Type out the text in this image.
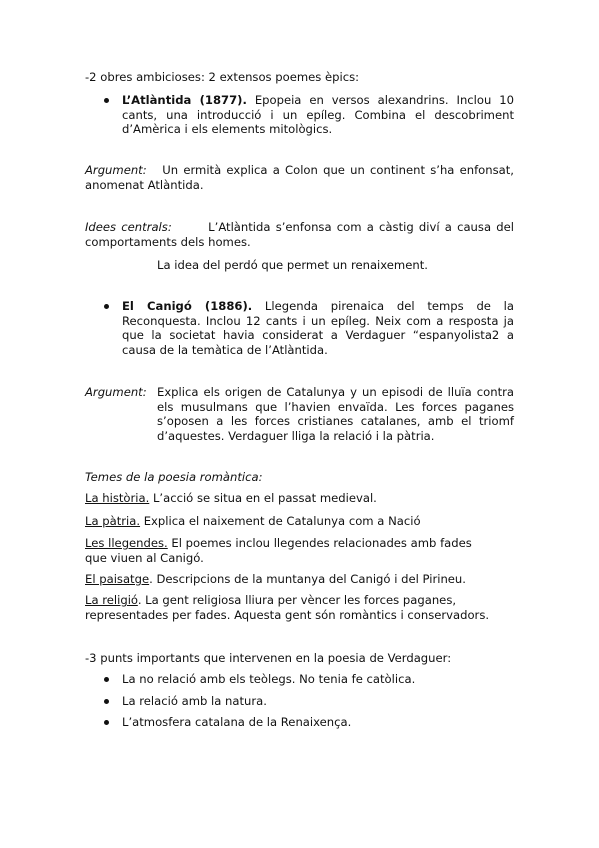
-2 obres ambicioses: 2 extensos poemes èpics:
L’Atlàntida (1877). Epopeia en versos alexandrins. Inclou 10 cants, una introducció i un epíleg. Combina el descobriment d’Amèrica i els elements mitològics.
Argument: Un ermità explica a Colon que un continent s’ha enfonsat, anomenat Atlàntida.
Idees centrals:	L’Atlàntida s’enfonsa com a càstig diví a causa del comportaments dels homes.
La idea del perdó que permet un renaixement.
El Canigó (1886). Llegenda pirenaica del temps de la Reconquesta. Inclou 12 cants i un epíleg. Neix com a resposta ja que la societat havia considerat a Verdaguer “espanyolista2 a causa de la temàtica de l’Atlàntida.
Argument: Explica els origen de Catalunya y un episodi de lluïa contra els musulmans que l’havien envaïda. Les forces paganes s’oposen a les forces cristianes catalanes, amb el triomf d’aquestes. Verdaguer lliga la relació i la pàtria.
Temes de la poesia romàntica:
La història. L’acció se situa en el passat medieval.
La pàtria. Explica el naixement de Catalunya com a Nació
Les llegendes. El poemes inclou llegendes relacionades amb fades que viuen al Canigó.
El paisatge. Descripcions de la muntanya del Canigó i del Pirineu.
La religió. La gent religiosa lliura per vèncer les forces paganes, representades per fades. Aquesta gent són romàntics i conservadors.
-3 punts importants que intervenen en la poesia de Verdaguer:
La no relació amb els teòlegs. No tenia fe catòlica.
La relació amb la natura.
L’atmosfera catalana de la Renaixença.
